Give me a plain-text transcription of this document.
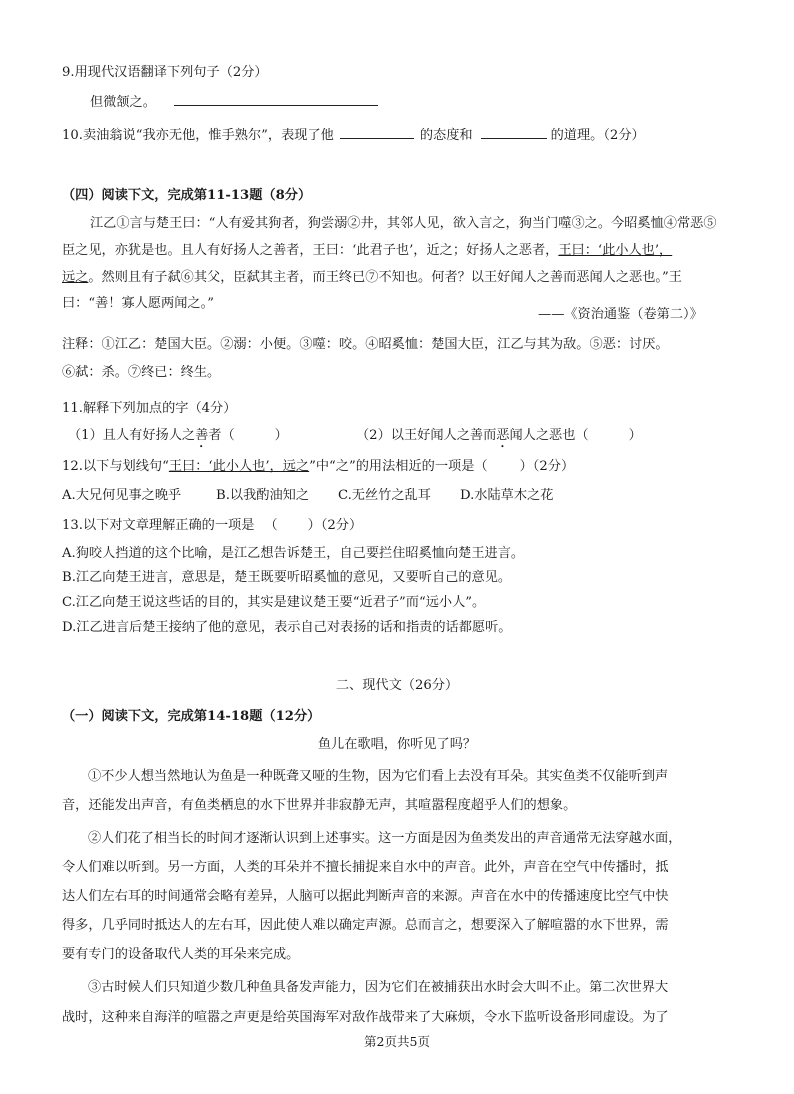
9.用现代汉语翻译下列句子（2分）
但微颔之。
10.卖油翁说“我亦无他，惟手熟尔”，表现了他	的态度和	的道理。（2分）
（四）阅读下文，完成第11-13题（8分）
江乙①言与楚王曰：“人有爱其狗者，狗尝溺②井，其邻人见，欲入言之，狗当门噬③之。今昭奚恤④常恶⑤
臣之见，亦犹是也。且人有好扬人之善者，王曰：‘此君子也’，近之；好扬人之恶者，王曰：‘此小人也’，
远之。然则且有子弑⑥其父，臣弑其主者，而王终已⑦不知也。何者？以王好闻人之善而恶闻人之恶也。”王
曰：“善！寡人愿两闻之。”
——《资治通鉴（卷第二）》
注释：①江乙：楚国大臣。②溺：小便。③噬：咬。④昭奚恤：楚国大臣，江乙与其为敌。⑤恶：讨厌。
⑥弑：杀。⑦终已：终生。
11.解释下列加点的字（4分）
（1）且人有好扬人之善者（	）	（2）以王好闻人之善而恶闻人之恶也（	）
12.以下与划线句“王曰：‘此小人也’，远之”中“之”的用法相近的一项是（ ）（2分）
A.大兄何见事之晚乎	B.以我酌油知之 C.无丝竹之乱耳 D.水陆草木之花
13.以下对文章理解正确的一项是 （ ）（2分）
A.狗咬人挡道的这个比喻，是江乙想告诉楚王，自己要拦住昭奚恤向楚王进言。
B.江乙向楚王进言，意思是，楚王既要听昭奚恤的意见，又要听自己的意见。
C.江乙向楚王说这些话的目的，其实是建议楚王要“近君子”而“远小人”。
D.江乙进言后楚王接纳了他的意见，表示自己对表扬的话和指责的话都愿听。
二、现代文（26分）
（一）阅读下文，完成第14-18题（12分）
鱼儿在歌唱，你听见了吗？
①不少人想当然地认为鱼是一种既聋又哑的生物，因为它们看上去没有耳朵。其实鱼类不仅能听到声
音，还能发出声音，有鱼类栖息的水下世界并非寂静无声，其喧嚣程度超乎人们的想象。
②人们花了相当长的时间才逐渐认识到上述事实。这一方面是因为鱼类发出的声音通常无法穿越水面，
令人们难以听到。另一方面，人类的耳朵并不擅长捕捉来自水中的声音。此外，声音在空气中传播时，抵
达人们左右耳的时间通常会略有差异，人脑可以据此判断声音的来源。声音在水中的传播速度比空气中快
得多，几乎同时抵达人的左右耳，因此使人难以确定声源。总而言之，想要深入了解喧嚣的水下世界，需
要有专门的设备取代人类的耳朵来完成。
③古时候人们只知道少数几种鱼具备发声能力，因为它们在被捕获出水时会大叫不止。第二次世界大
战时，这种来自海洋的喧嚣之声更是给英国海军对敌作战带来了大麻烦，令水下监听设备形同虚设。为了
第2页共5页
